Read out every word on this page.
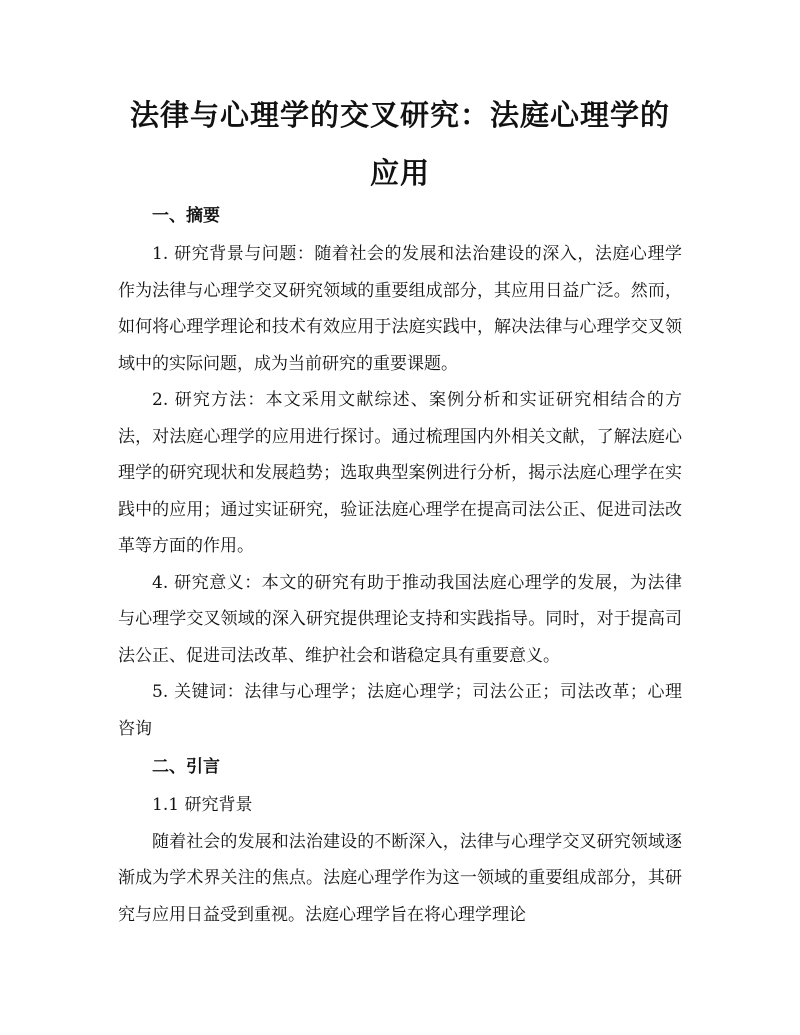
法律与心理学的交叉研究：法庭心理学的应用
一、摘要

1. 研究背景与问题：随着社会的发展和法治建设的深入，法庭心理学作为法律与心理学交叉研究领域的重要组成部分，其应用日益广泛。然而，如何将心理学理论和技术有效应用于法庭实践中，解决法律与心理学交叉领域中的实际问题，成为当前研究的重要课题。

2. 研究方法：本文采用文献综述、案例分析和实证研究相结合的方法，对法庭心理学的应用进行探讨。通过梳理国内外相关文献，了解法庭心理学的研究现状和发展趋势；选取典型案例进行分析，揭示法庭心理学在实践中的应用；通过实证研究，验证法庭心理学在提高司法公正、促进司法改革等方面的作用。

4. 研究意义：本文的研究有助于推动我国法庭心理学的发展，为法律与心理学交叉领域的深入研究提供理论支持和实践指导。同时，对于提高司法公正、促进司法改革、维护社会和谐稳定具有重要意义。

5. 关键词：法律与心理学；法庭心理学；司法公正；司法改革；心理咨询

二、引言
1.1 研究背景

随着社会的发展和法治建设的不断深入，法律与心理学交叉研究领域逐渐成为学术界关注的焦点。法庭心理学作为这一领域的重要组成部分，其研究与应用日益受到重视。法庭心理学旨在将心理学理论
